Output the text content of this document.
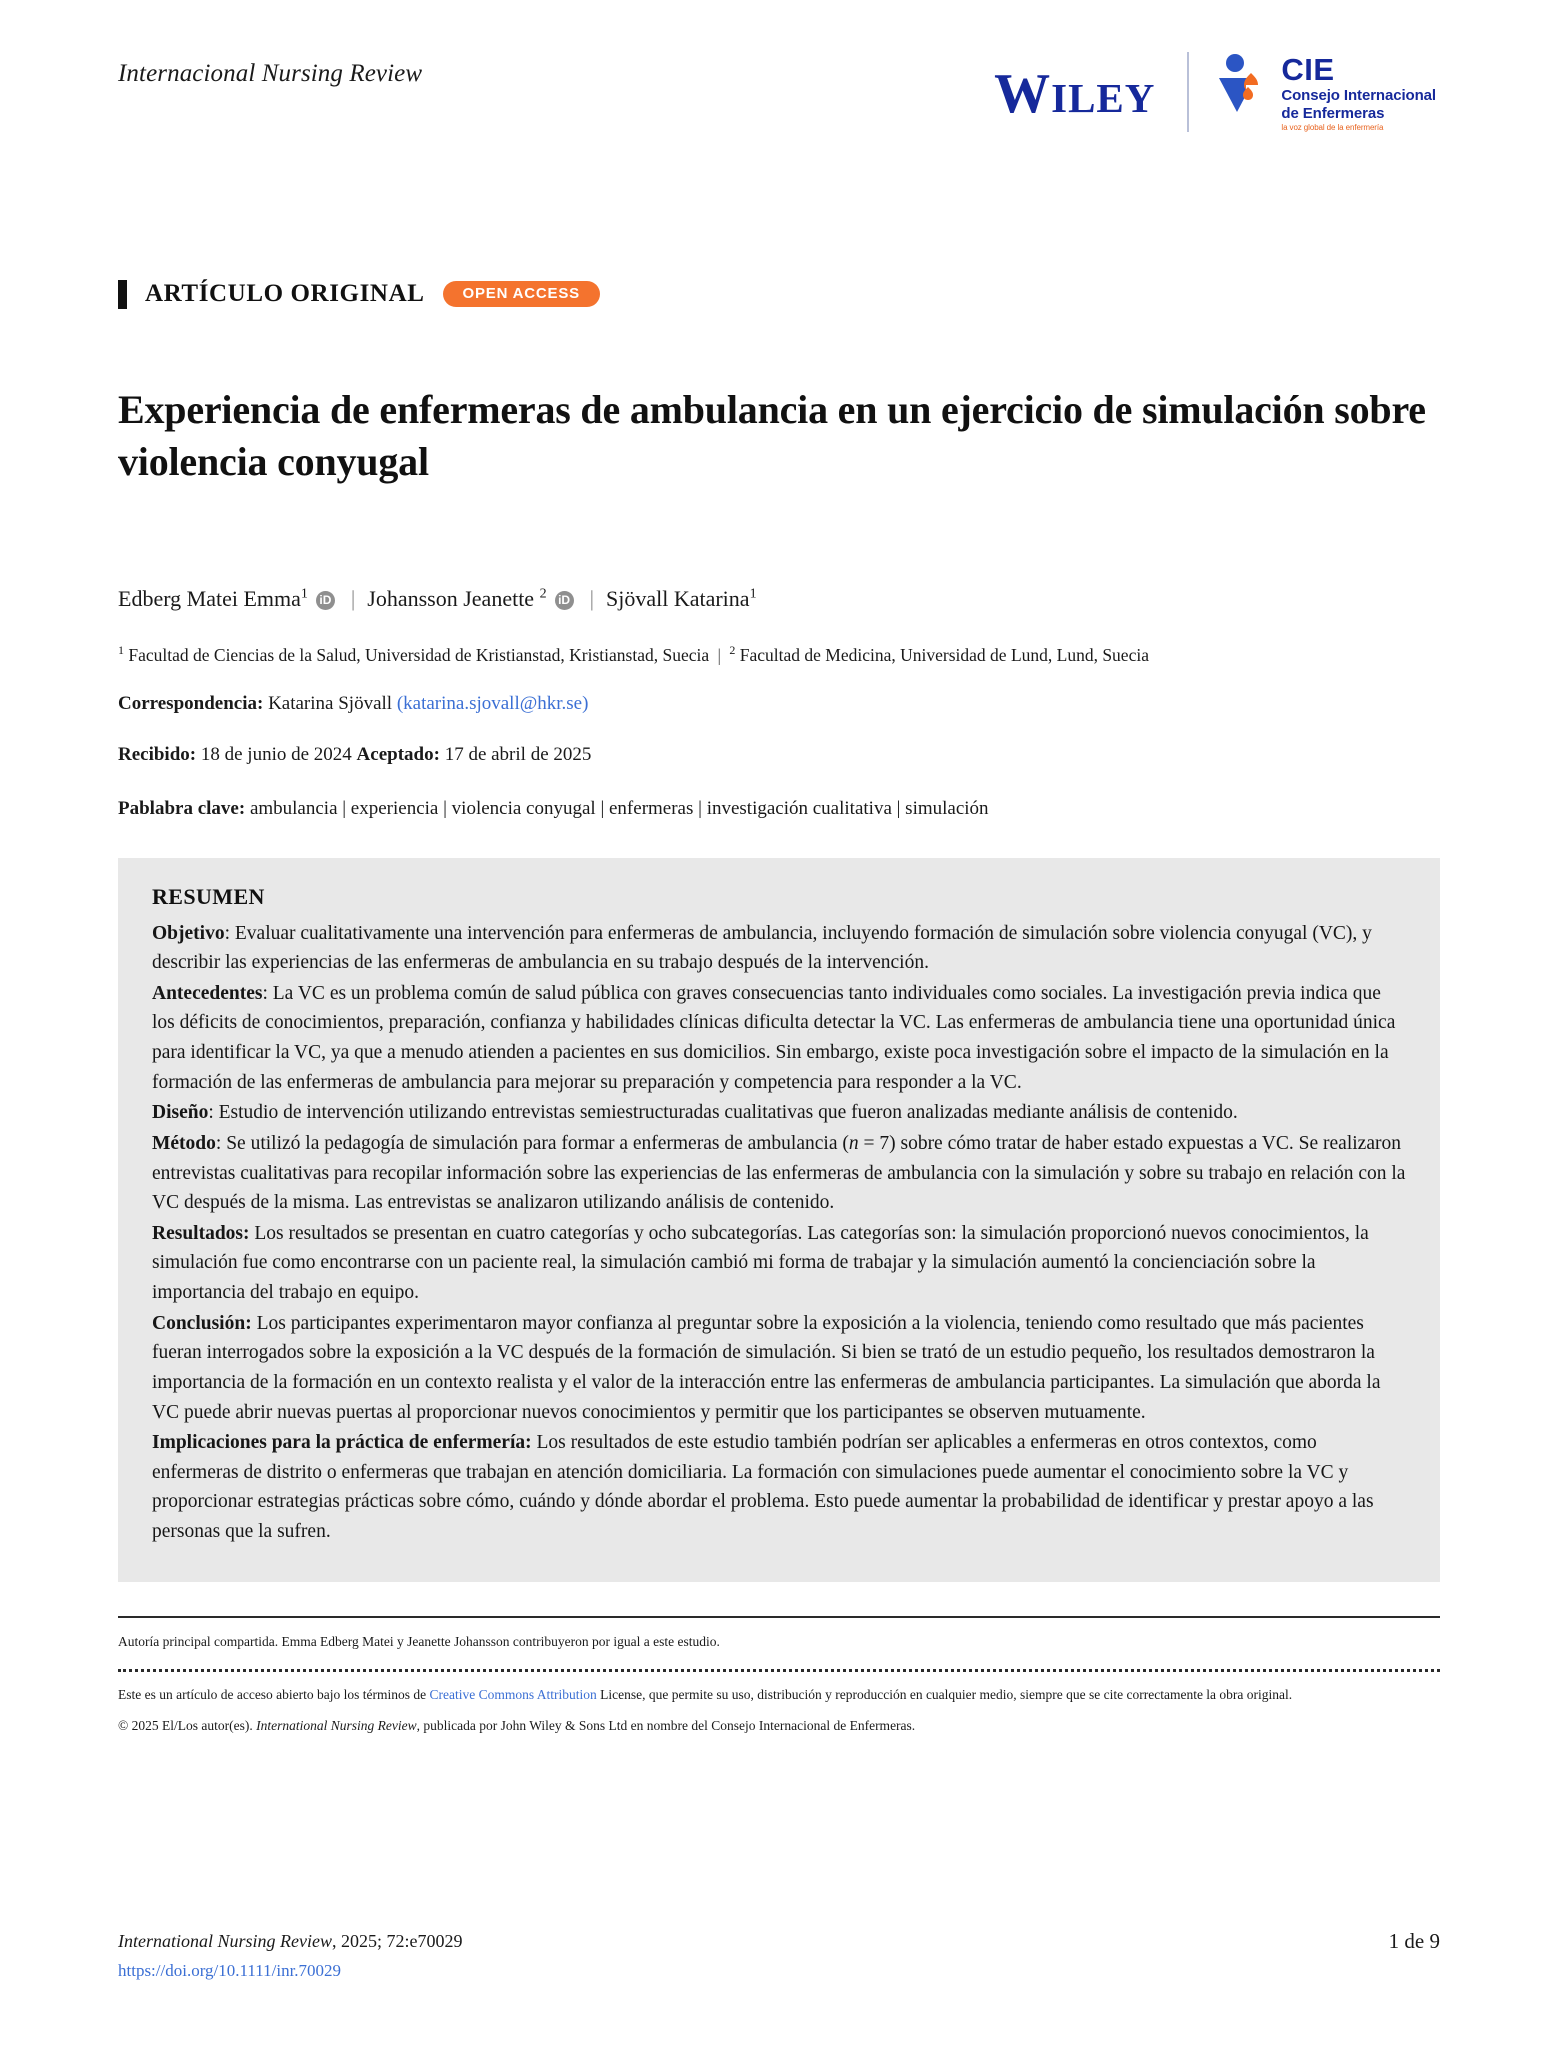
Internacional Nursing Review	WILEY
CIE
Consejo Internacional
de Enfermeras
la voz global de la enfermería
ARTÍCULO ORIGINAL	OPEN ACCESS
Experiencia de enfermeras de ambulancia en un ejercicio de simulación sobre violencia conyugal
Edberg Matei Emma$^1$ iD | Johansson Jeanette $^2$ iD | Sjövall Katarina$^1$
$^1$ Facultad de Ciencias de la Salud, Universidad de Kristianstad, Kristianstad, Suecia | $^2$ Facultad de Medicina, Universidad de Lund, Lund, Suecia
Correspondencia: Katarina Sjövall (katarina.sjovall@hkr.se)
Recibido: 18 de junio de 2024 Aceptado: 17 de abril de 2025
Pablabra clave: ambulancia | experiencia | violencia conyugal | enfermeras | investigación cualitativa | simulación
RESUMEN

Objetivo: Evaluar cualitativamente una intervención para enfermeras de ambulancia, incluyendo formación de simulación sobre violencia conyugal (VC), y describir las experiencias de las enfermeras de ambulancia en su trabajo después de la intervención.

Antecedentes: La VC es un problema común de salud pública con graves consecuencias tanto individuales como sociales. La investigación previa indica que los déficits de conocimientos, preparación, confianza y habilidades clínicas dificulta detectar la VC. Las enfermeras de ambulancia tiene una oportunidad única para identificar la VC, ya que a menudo atienden a pacientes en sus domicilios. Sin embargo, existe poca investigación sobre el impacto de la simulación en la formación de las enfermeras de ambulancia para mejorar su preparación y competencia para responder a la VC.

Diseño: Estudio de intervención utilizando entrevistas semiestructuradas cualitativas que fueron analizadas mediante análisis de contenido.

Método: Se utilizó la pedagogía de simulación para formar a enfermeras de ambulancia (n = 7) sobre cómo tratar de haber estado expuestas a VC. Se realizaron entrevistas cualitativas para recopilar información sobre las experiencias de las enfermeras de ambulancia con la simulación y sobre su trabajo en relación con la VC después de la misma. Las entrevistas se analizaron utilizando análisis de contenido.

Resultados: Los resultados se presentan en cuatro categorías y ocho subcategorías. Las categorías son: la simulación proporcionó nuevos conocimientos, la simulación fue como encontrarse con un paciente real, la simulación cambió mi forma de trabajar y la simulación aumentó la concienciación sobre la importancia del trabajo en equipo.

Conclusión: Los participantes experimentaron mayor confianza al preguntar sobre la exposición a la violencia, teniendo como resultado que más pacientes fueran interrogados sobre la exposición a la VC después de la formación de simulación. Si bien se trató de un estudio pequeño, los resultados demostraron la importancia de la formación en un contexto realista y el valor de la interacción entre las enfermeras de ambulancia participantes. La simulación que aborda la VC puede abrir nuevas puertas al proporcionar nuevos conocimientos y permitir que los participantes se observen mutuamente.

Implicaciones para la práctica de enfermería: Los resultados de este estudio también podrían ser aplicables a enfermeras en otros contextos, como enfermeras de distrito o enfermeras que trabajan en atención domiciliaria. La formación con simulaciones puede aumentar el conocimiento sobre la VC y proporcionar estrategias prácticas sobre cómo, cuándo y dónde abordar el problema. Esto puede aumentar la probabilidad de identificar y prestar apoyo a las personas que la sufren.

Autoría principal compartida. Emma Edberg Matei y Jeanette Johansson contribuyeron por igual a este estudio.
Este es un artículo de acceso abierto bajo los términos de Creative Commons Attribution License, que permite su uso, distribución y reproducción en cualquier medio, siempre que se cite correctamente la obra original.
© 2025 El/Los autor(es). International Nursing Review, publicada por John Wiley & Sons Ltd en nombre del Consejo Internacional de Enfermeras.
International Nursing Review, 2025; 72:e70029
https://doi.org/10.1111/inr.70029
1 de 9
